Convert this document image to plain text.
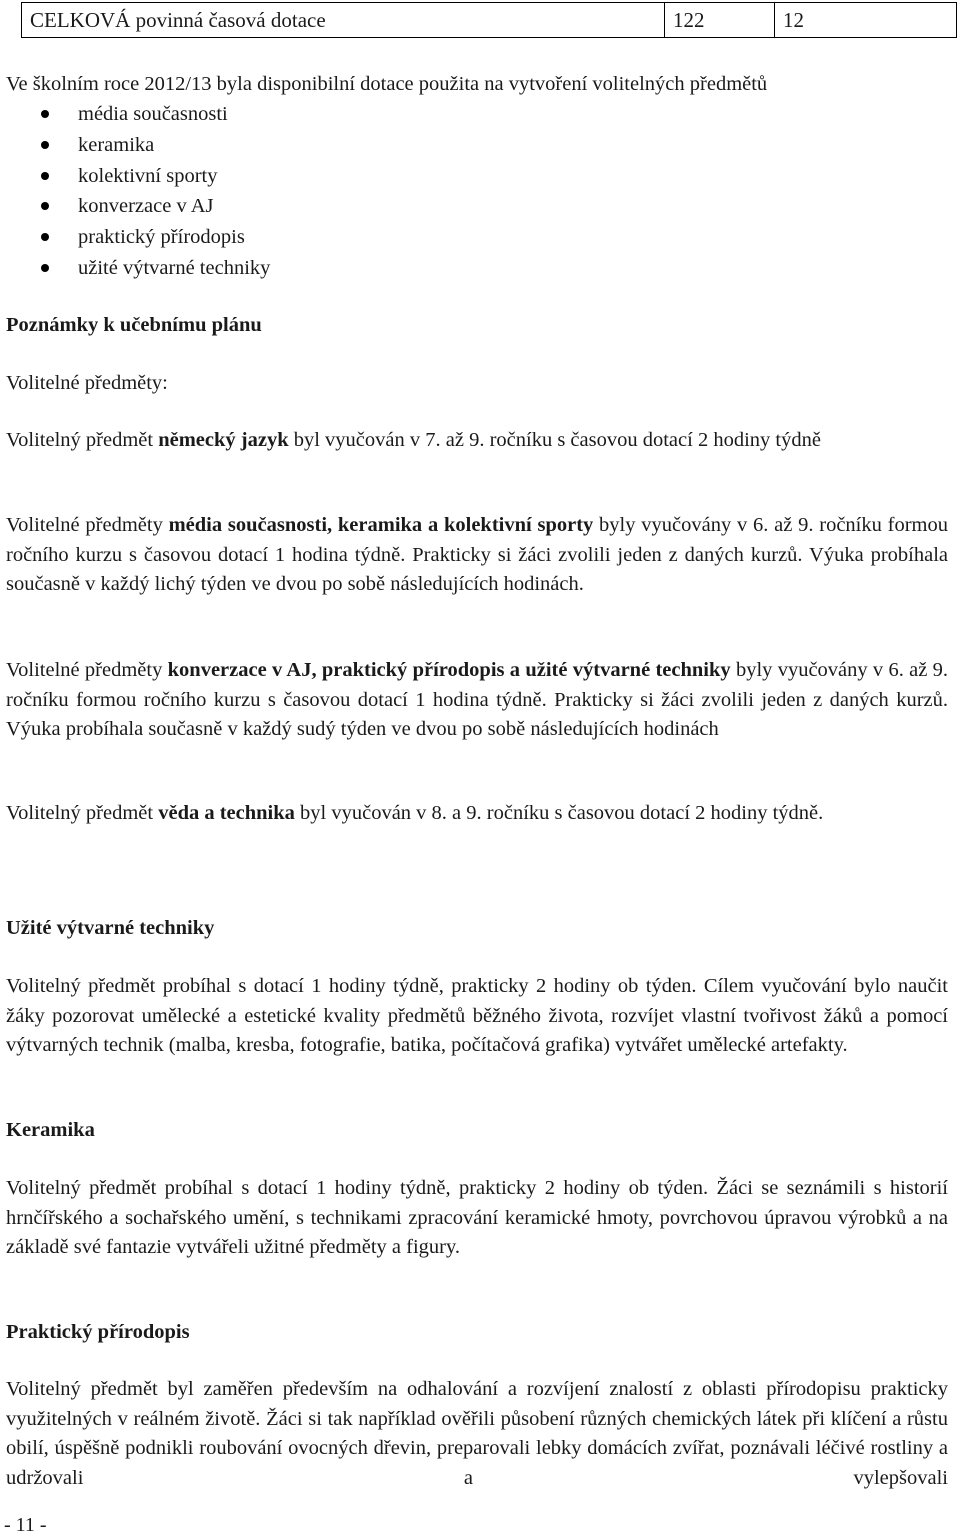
CELKOVÁ povinná časová dotace	122	12

Ve školním roce 2012/13 byla disponibilní dotace použita na vytvoření volitelných předmětů

média současnosti
keramika
kolektivní sporty
konverzace v AJ
praktický přírodopis
užité výtvarné techniky

Poznámky k učebnímu plánu

Volitelné předměty:

Volitelný předmět německý jazyk byl vyučován v 7. až 9. ročníku s časovou dotací 2 hodiny týdně

Volitelné předměty média současnosti, keramika a kolektivní sporty byly vyučovány v 6. až 9. ročníku formou ročního kurzu s časovou dotací 1 hodina týdně. Prakticky si žáci zvolili jeden z daných kurzů. Výuka probíhala současně v každý lichý týden ve dvou po sobě následujících hodinách.

Volitelné předměty konverzace v AJ, praktický přírodopis a užité výtvarné techniky byly vyučovány v 6. až 9. ročníku formou ročního kurzu s časovou dotací 1 hodina týdně. Prakticky si žáci zvolili jeden z daných kurzů. Výuka probíhala současně v každý sudý týden ve dvou po sobě následujících hodinách

Volitelný předmět věda a technika byl vyučován v 8. a 9. ročníku s časovou dotací 2 hodiny týdně.

Užité výtvarné techniky

Volitelný předmět probíhal s dotací 1 hodiny týdně, prakticky 2 hodiny ob týden. Cílem vyučování bylo naučit žáky pozorovat umělecké a estetické kvality předmětů běžného života, rozvíjet vlastní tvořivost žáků a pomocí výtvarných technik (malba, kresba, fotografie, batika, počítačová grafika) vytvářet umělecké artefakty.

Keramika

Volitelný předmět probíhal s dotací 1 hodiny týdně, prakticky 2 hodiny ob týden. Žáci se seznámili s historií hrnčířského a sochařského umění, s technikami zpracování keramické hmoty, povrchovou úpravou výrobků a na základě své fantazie vytvářeli užitné předměty a figury.

Praktický přírodopis

Volitelný předmět byl zaměřen především na odhalování a rozvíjení znalostí z oblasti přírodopisu prakticky využitelných v reálném životě. Žáci si tak například ověřili působení různých chemických látek při klíčení a růstu obilí, úspěšně podnikli roubování ovocných dřevin, preparovali lebky domácích zvířat, poznávali léčivé rostliny a udržovali a vylepšovali

- 11 -
